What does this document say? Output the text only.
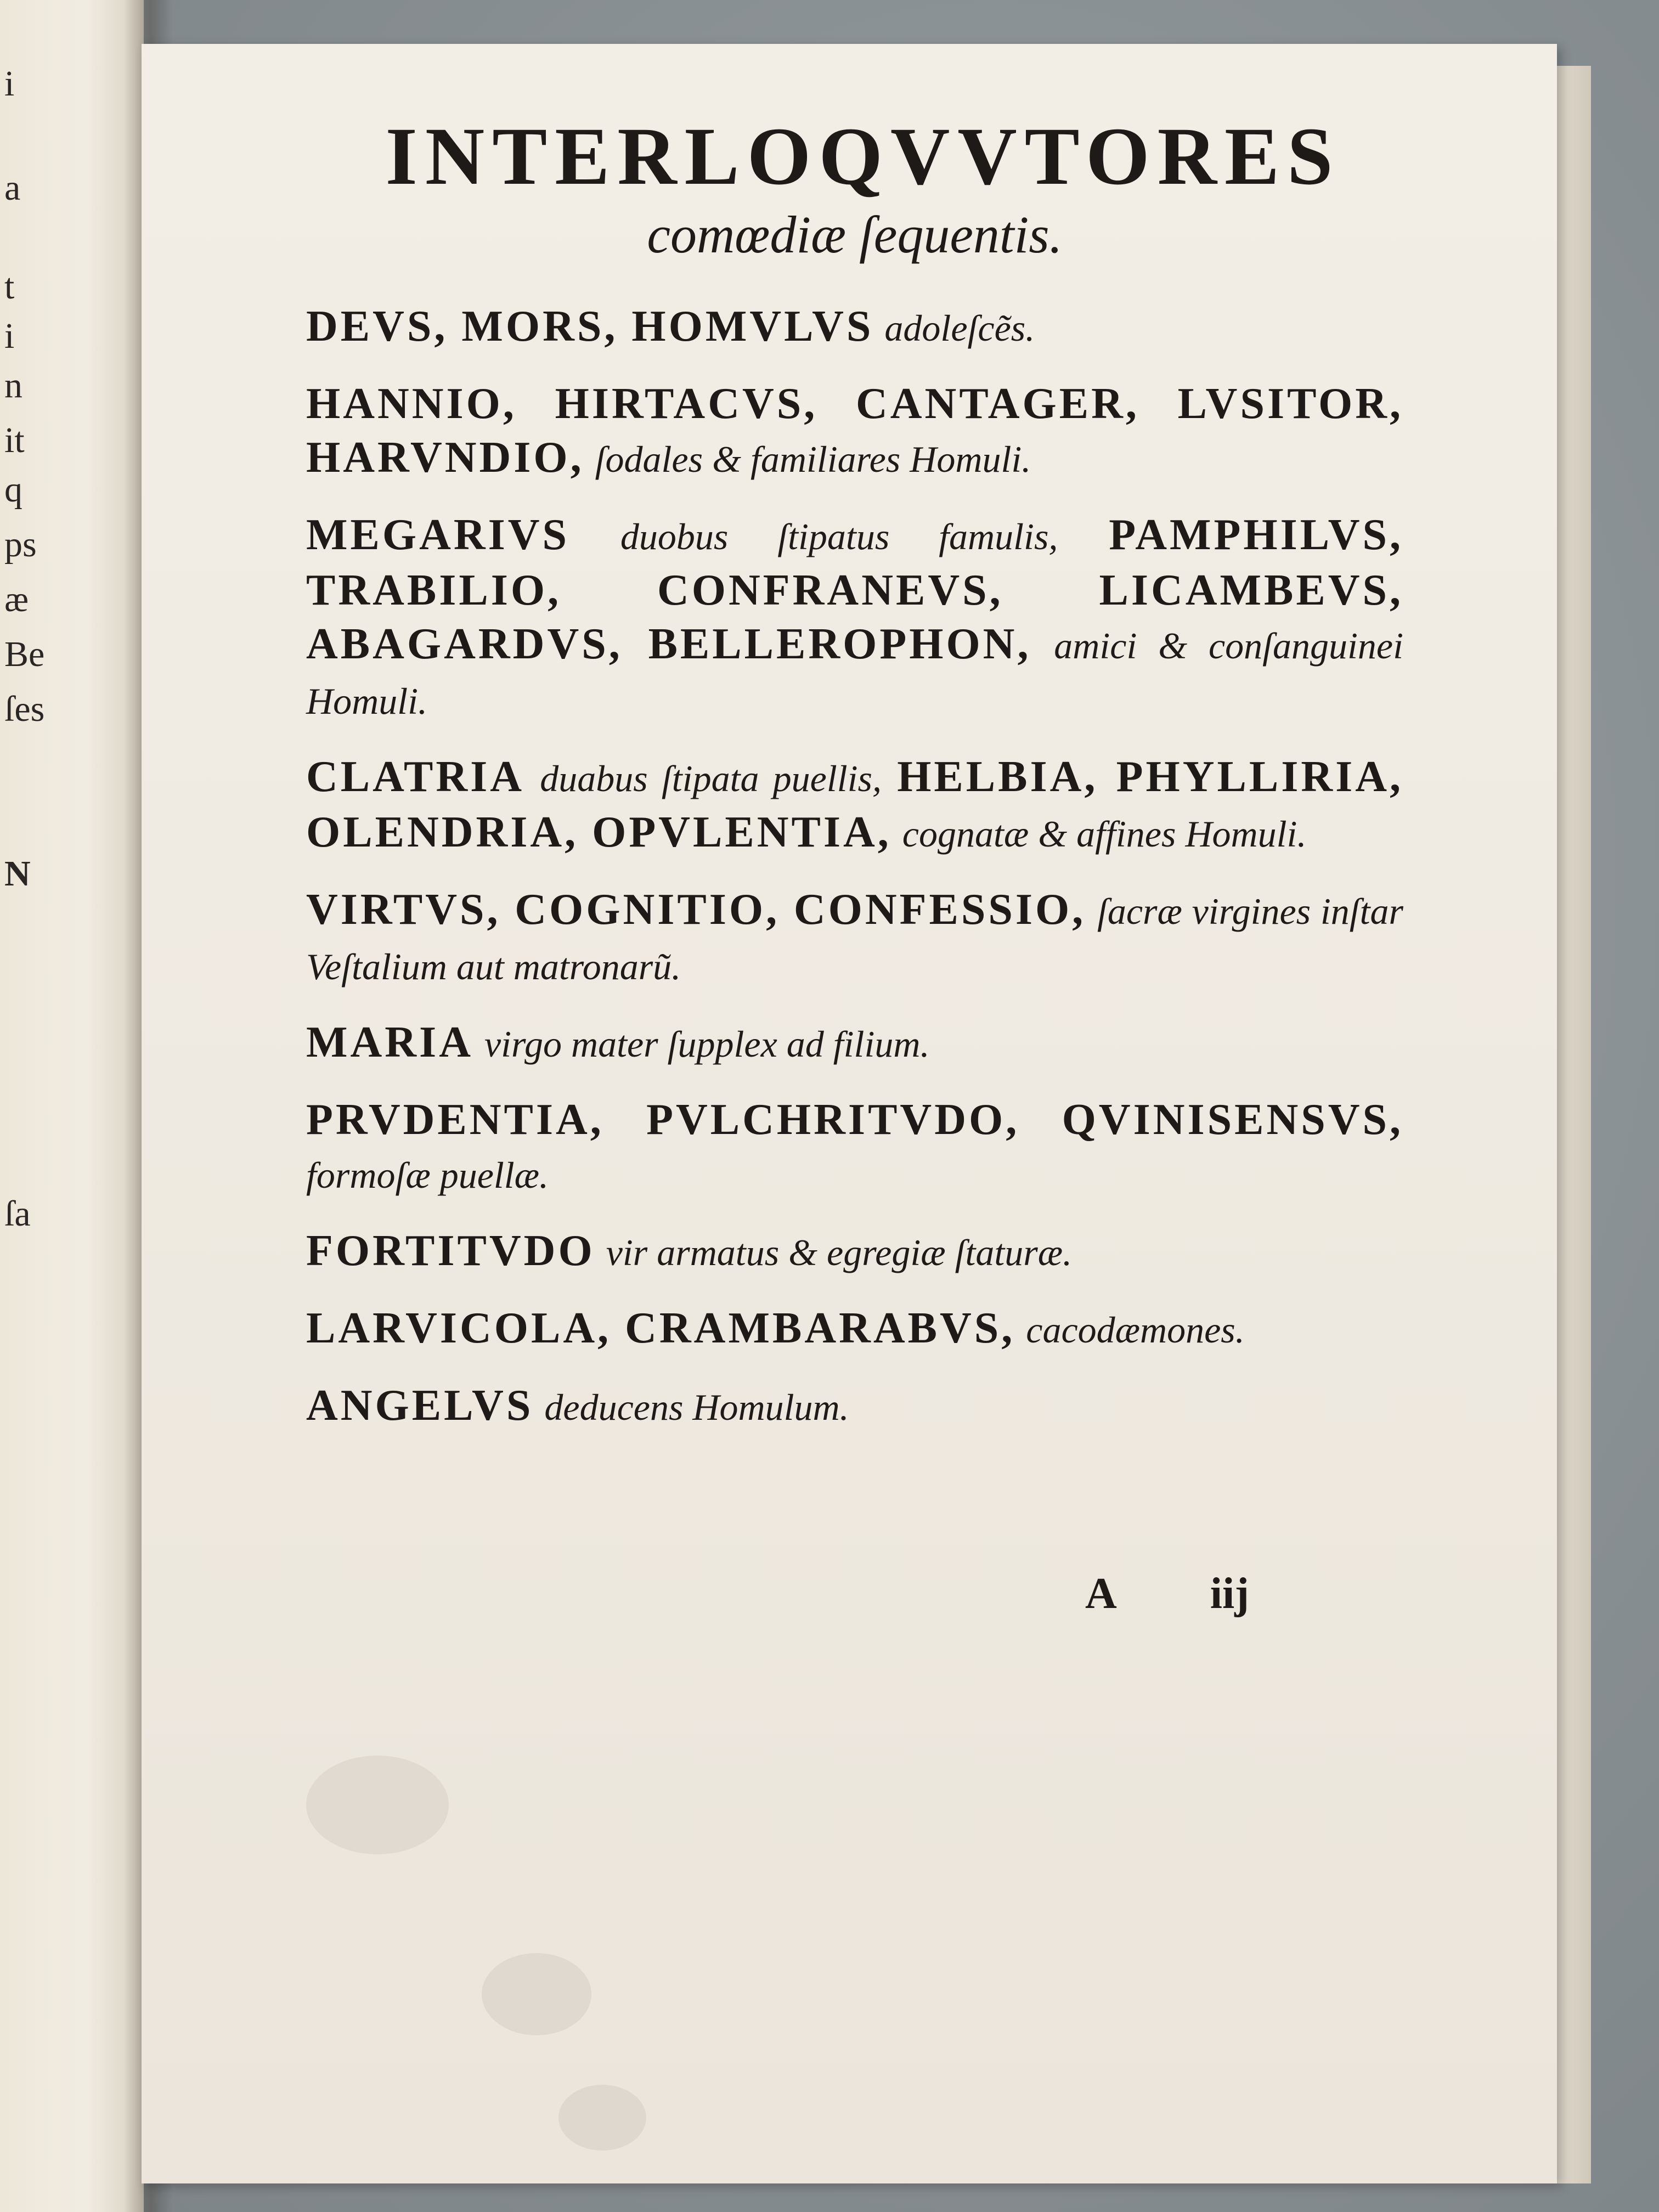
i
a
t
i
n
it
q
ps
æ
Be
ſes
N
ſa
INTERLOQVVTORES
comœdiæ ſequentis.
DEVS, MORS, HOMVLVS adoleſcẽs.
HANNIO, HIRTACVS, CANTAGER, LVSITOR, HARVNDIO, ſodales & familiares Homuli.
MEGARIVS duobus ſtipatus famulis, PAMPHILVS, TRABILIO, CONFRANEVS, LICAMBEVS, ABAGARDVS, BELLEROPHON, amici & conſanguinei Homuli.
CLATRIA duabus ſtipata puellis, HELBIA, PHYLLIRIA, OLENDRIA, OPVLENTIA, cognatæ & affines Homuli.
VIRTVS, COGNITIO, CONFESSIO, ſacræ virgines inſtar Veſtalium aut matronarũ.
MARIA virgo mater ſupplex ad filium.
PRVDENTIA, PVLCHRITVDO, QVINISENSVS, formoſæ puellæ.
FORTITVDO vir armatus & egregiæ ſtaturæ.
LARVICOLA, CRAMBARABVS, cacodæmones.
ANGELVS deducens Homulum.
A iij
